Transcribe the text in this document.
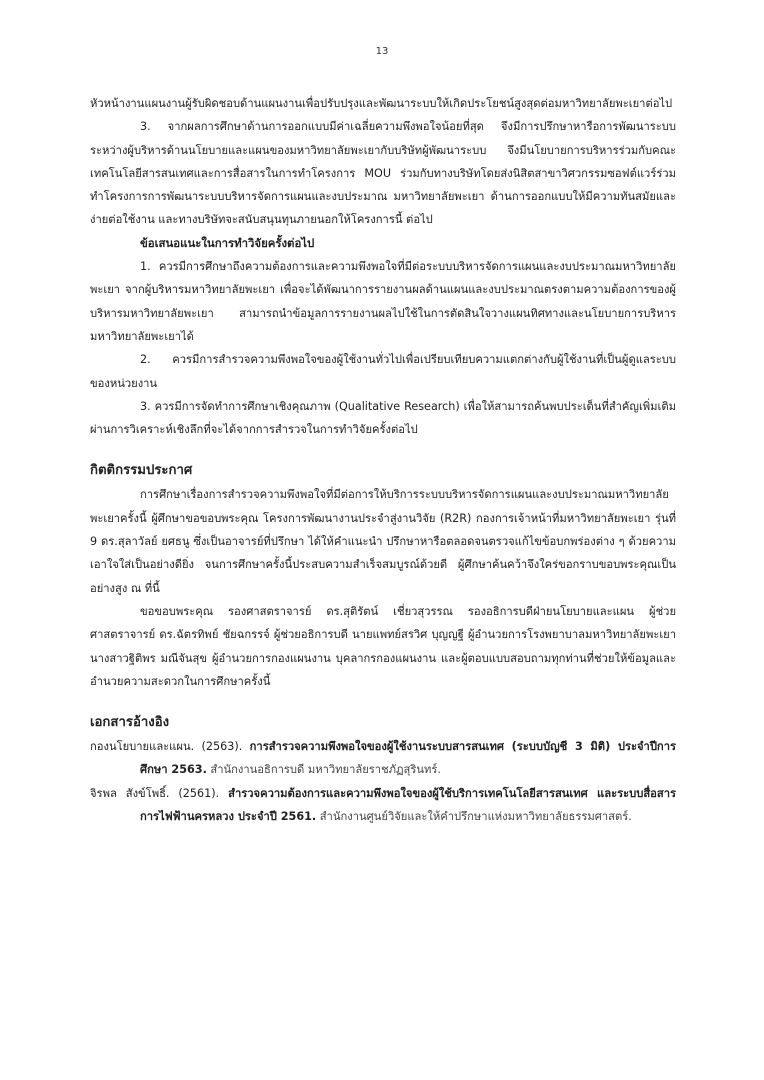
13

หัวหน้างานแผนงานผู้รับผิดชอบด้านแผนงานเพื่อปรับปรุงและพัฒนาระบบให้เกิดประโยชน์สูงสุดต่อมหาวิทยาลัยพะเยาต่อไป

3. จากผลการศึกษาด้านการออกแบบมีค่าเฉลี่ยความพึงพอใจน้อยที่สุด จึงมีการปรึกษาหารือการพัฒนาระบบระหว่างผู้บริหารด้านนโยบายและแผนของมหาวิทยาลัยพะเยากับบริษัทผู้พัฒนาระบบ จึงมีนโยบายการบริหารร่วมกับคณะเทคโนโลยีสารสนเทศและการสื่อสารในการทำโครงการ MOU ร่วมกับทางบริษัทโดยส่งนิสิตสาขาวิศวกรรมซอฟต์แวร์ร่วมทำโครงการการพัฒนาระบบบริหารจัดการแผนและงบประมาณ มหาวิทยาลัยพะเยา ด้านการออกแบบให้มีความทันสมัยและง่ายต่อใช้งาน และทางบริษัทจะสนับสนุนทุนภายนอกให้โครงการนี้ ต่อไป

ข้อเสนอแนะในการทำวิจัยครั้งต่อไป

1. ควรมีการศึกษาถึงความต้องการและความพึงพอใจที่มีต่อระบบบริหารจัดการแผนและงบประมาณมหาวิทยาลัยพะเยา จากผู้บริหารมหาวิทยาลัยพะเยา เพื่อจะได้พัฒนาการรายงานผลด้านแผนและงบประมาณตรงตามความต้องการของผู้บริหารมหาวิทยาลัยพะเยา สามารถนำข้อมูลการรายงานผลไปใช้ในการตัดสินใจวางแผนทิศทางและนโยบายการบริหารมหาวิทยาลัยพะเยาได้

2. ควรมีการสำรวจความพึงพอใจของผู้ใช้งานทั่วไปเพื่อเปรียบเทียบความแตกต่างกับผู้ใช้งานที่เป็นผู้ดูแลระบบของหน่วยงาน

3. ควรมีการจัดทำการศึกษาเชิงคุณภาพ (Qualitative Research) เพื่อให้สามารถค้นพบประเด็นที่สำคัญเพิ่มเติมผ่านการวิเคราะห์เชิงลึกที่จะได้จากการสำรวจในการทำวิจัยครั้งต่อไป

กิตติกรรมประกาศ

การศึกษาเรื่องการสำรวจความพึงพอใจที่มีต่อการให้บริการระบบบริหารจัดการแผนและงบประมาณมหาวิทยาลัยพะเยาครั้งนี้ ผู้ศึกษาขอขอบพระคุณ โครงการพัฒนางานประจำสู่งานวิจัย (R2R) กองการเจ้าหน้าที่มหาวิทยาลัยพะเยา รุ่นที่ 9 ดร.สุลาวัลย์ ยศธนู ซึ่งเป็นอาจารย์ที่ปรึกษา ได้ให้คำแนะนำ ปรึกษาหารือตลอดจนตรวจแก้ไขข้อบกพร่องต่าง ๆ ด้วยความเอาใจใส่เป็นอย่างดียิ่ง จนการศึกษาครั้งนี้ประสบความสำเร็จสมบูรณ์ด้วยดี ผู้ศึกษาค้นคว้าจึงใคร่ขอกราบขอบพระคุณเป็นอย่างสูง ณ ที่นี้

ขอขอบพระคุณ รองศาสตราจารย์ ดร.สุติรัตน์ เชี่ยวสุวรรณ รองอธิการบดีฝ่ายนโยบายและแผน ผู้ช่วยศาสตราจารย์ ดร.ฉัตรทิพย์ ชัยฉกรรจ์ ผู้ช่วยอธิการบดี นายแพทย์สรวิศ บุญญฐี ผู้อำนวยการโรงพยาบาลมหาวิทยาลัยพะเยา นางสาวฐิติพร มณีจันสุข ผู้อำนวยการกองแผนงาน บุคลากรกองแผนงาน และผู้ตอบแบบสอบถามทุกท่านที่ช่วยให้ข้อมูลและอำนวยความสะดวกในการศึกษาครั้งนี้

เอกสารอ้างอิง

กองนโยบายและแผน. (2563). การสำรวจความพึงพอใจของผู้ใช้งานระบบสารสนเทศ (ระบบบัญชี 3 มิติ) ประจำปีการศึกษา 2563. สำนักงานอธิการบดี มหาวิทยาลัยราชภัฏสุรินทร์.

จิรพล สังข์โพธิ์. (2561). สำรวจความต้องการและความพึงพอใจของผู้ใช้บริการเทคโนโลยีสารสนเทศ และระบบสื่อสาร การไฟฟ้านครหลวง ประจำปี 2561. สำนักงานศูนย์วิจัยและให้คำปรึกษาแห่งมหาวิทยาลัยธรรมศาสตร์.
